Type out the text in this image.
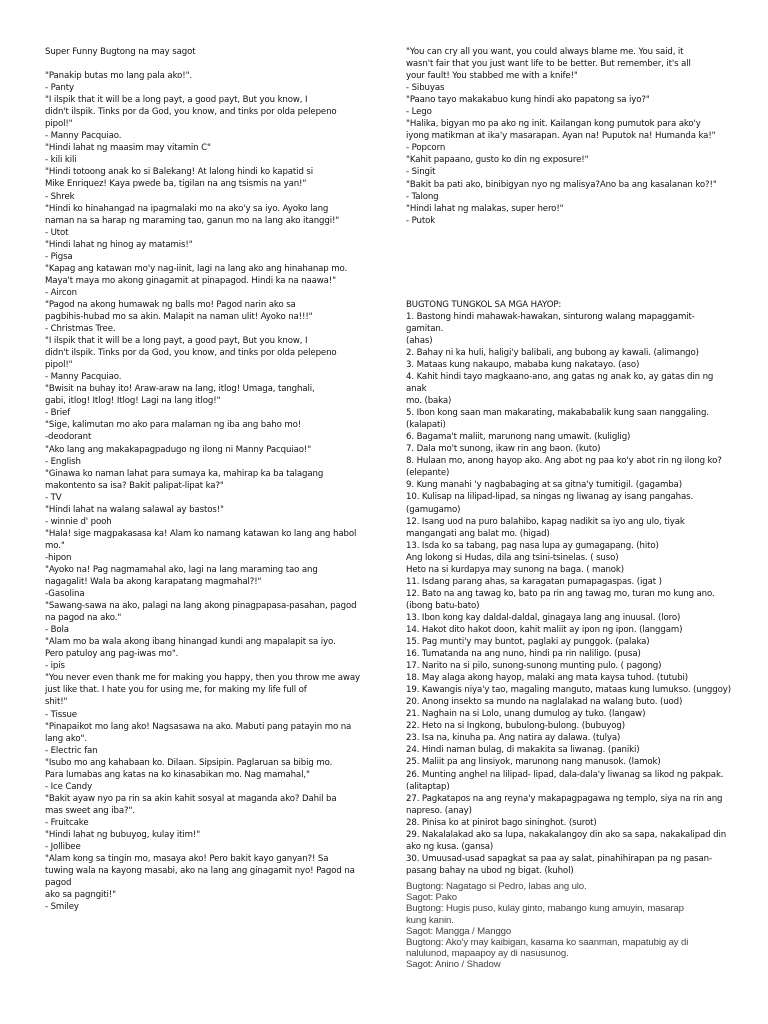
Super Funny Bugtong na may sagot
"Panakip butas mo lang pala ako!".
- Panty
"I ilspik that it will be a long payt, a good payt, But you know, I
didn't ilspik. Tinks por da God, you know, and tinks por olda pelepeno
pipol!"
- Manny Pacquiao.
"Hindi lahat ng maasim may vitamin C"
- kili kili
"Hindi totoong anak ko si Balekang! At lalong hindi ko kapatid si
Mike Enriquez! Kaya pwede ba, tigilan na ang tsismis na yan!"
- Shrek
"Hindi ko hinahangad na ipagmalaki mo na ako'y sa iyo. Ayoko lang
naman na sa harap ng maraming tao, ganun mo na lang ako itanggi!"
- Utot
"Hindi lahat ng hinog ay matamis!"
- Pigsa
"Kapag ang katawan mo'y nag-iinit, lagi na lang ako ang hinahanap mo.
Maya't maya mo akong ginagamit at pinapagod. Hindi ka na naawa!"
- Aircon
"Pagod na akong humawak ng balls mo! Pagod narin ako sa
pagbihis-hubad mo sa akin. Malapit na naman ulit! Ayoko na!!!"
- Christmas Tree.
"I ilspik that it will be a long payt, a good payt, But you know, I
didn't ilspik. Tinks por da God, you know, and tinks por olda pelepeno
pipol!"
- Manny Pacquiao.
"Bwisit na buhay ito! Araw-araw na lang, itlog! Umaga, tanghali,
gabi, itlog! Itlog! Itlog! Lagi na lang itlog!"
- Brief
"Sige, kalimutan mo ako para malaman ng iba ang baho mo!
-deodorant
"Ako lang ang makakapagpadugo ng ilong ni Manny Pacquiao!"
- English
"Ginawa ko naman lahat para sumaya ka, mahirap ka ba talagang
makontento sa isa? Bakit palipat-lipat ka?"
- TV
"Hindi lahat na walang salawal ay bastos!"
- winnie d' pooh
"Hala! sige magpakasasa ka! Alam ko namang katawan ko lang ang habol
mo."
-hipon
"Ayoko na! Pag nagmamahal ako, lagi na lang maraming tao ang
nagagalit! Wala ba akong karapatang magmahal?!"
-Gasolina
"Sawang-sawa na ako, palagi na lang akong pinagpapasa-pasahan, pagod
na pagod na ako."
- Bola
"Alam mo ba wala akong ibang hinangad kundi ang mapalapit sa iyo.
Pero patuloy ang pag-iwas mo".
- ipis
"You never even thank me for making you happy, then you throw me away
just like that. I hate you for using me, for making my life full of
shit!"
- Tissue
"Pinapaikot mo lang ako! Nagsasawa na ako. Mabuti pang patayin mo na
lang ako".
- Electric fan
"Isubo mo ang kahabaan ko. Dilaan. Sipsipin. Paglaruan sa bibig mo.
Para lumabas ang katas na ko kinasabikan mo. Nag mamahal,"
- Ice Candy
"Bakit ayaw nyo pa rin sa akin kahit sosyal at maganda ako? Dahil ba
mas sweet ang iba?".
- Fruitcake
"Hindi lahat ng bubuyog, kulay itim!"
- Jollibee
"Alam kong sa tingin mo, masaya ako! Pero bakit kayo ganyan?! Sa
tuwing wala na kayong masabi, ako na lang ang ginagamit nyo! Pagod na
pagod
ako sa pagngiti!"
- Smiley
"You can cry all you want, you could always blame me. You said, it
wasn't fair that you just want life to be better. But remember, it's all
your fault! You stabbed me with a knife!"
- Sibuyas
"Paano tayo makakabuo kung hindi ako papatong sa iyo?"
- Lego
"Halika, bigyan mo pa ako ng init. Kailangan kong pumutok para ako'y
iyong matikman at ika'y masarapan. Ayan na! Puputok na! Humanda ka!"
- Popcorn
"Kahit papaano, gusto ko din ng exposure!"
- Singit
"Bakit ba pati ako, binibigyan nyo ng malisya?Ano ba ang kasalanan ko?!"
- Talong
"Hindi lahat ng malakas, super hero!"
- Putok
BUGTONG TUNGKOL SA MGA HAYOP:
1. Bastong hindi mahawak-hawakan, sinturong walang mapaggamit-gamitan.
(ahas)
2. Bahay ni ka huli, haligi'y balibali, ang bubong ay kawali. (alimango)
3. Mataas kung nakaupo, mababa kung nakatayo. (aso)
4. Kahit hindi tayo magkaano-ano, ang gatas ng anak ko, ay gatas din ng anak
mo. (baka)
5. Ibon kong saan man makarating, makababalik kung saan nanggaling.
(kalapati)
6. Bagama't maliit, marunong nang umawit. (kuliglig)
7. Dala mo't sunong, ikaw rin ang baon. (kuto)
8. Hulaan mo, anong hayop ako. Ang abot ng paa ko'y abot rin ng ilong ko?
(elepante)
9. Kung manahi 'y nagbabaging at sa gitna'y tumitigil. (gagamba)
10. Kulisap na lilipad-lipad, sa ningas ng liwanag ay isang pangahas.
(gamugamo)
12. Isang uod na puro balahibo, kapag nadikit sa iyo ang ulo, tiyak
mangangati ang balat mo. (higad)
13. Isda ko sa tabang, pag nasa lupa ay gumagapang. (hito)
Ang lokong si Hudas, dila ang tsini-tsinelas. ( suso)
Heto na si kurdapya may sunong na baga. ( manok)
11. Isdang parang ahas, sa karagatan pumapagaspas. (igat )
12. Bato na ang tawag ko, bato pa rin ang tawag mo, turan mo kung ano.
(ibong batu-bato)
13. Ibon kong kay daldal-daldal, ginagaya lang ang inuusal. (loro)
14. Hakot dito hakot doon, kahit maliit ay ipon ng ipon. (langgam)
15. Pag munti'y may buntot, paglaki ay punggok. (palaka)
16. Tumatanda na ang nuno, hindi pa rin naliligo. (pusa)
17. Narito na si pilo, sunong-sunong munting pulo. ( pagong)
18. May alaga akong hayop, malaki ang mata kaysa tuhod. (tutubi)
19. Kawangis niya'y tao, magaling manguto, mataas kung lumukso. (unggoy)
20. Anong insekto sa mundo na naglalakad na walang buto. (uod)
21. Naghain na si Lolo, unang dumulog ay tuko. (langaw)
22. Heto na si Ingkong, bubulong-bulong. (bubuyog)
23. Isa na, kinuha pa. Ang natira ay dalawa. (tulya)
24. Hindi naman bulag, di makakita sa liwanag. (paniki)
25. Maliit pa ang linsiyok, marunong nang manusok. (lamok)
26. Munting anghel na lilipad- lipad, dala-dala'y liwanag sa likod ng pakpak.
(alitaptap)
27. Pagkatapos na ang reyna'y makapagpagawa ng templo, siya na rin ang
napreso. (anay)
28. Pinisa ko at pinirot bago sininghot. (surot)
29. Nakalalakad ako sa lupa, nakakalangoy din ako sa sapa, nakakalipad din
ako ng kusa. (gansa)
30. Umuusad-usad sapagkat sa paa ay salat, pinahihirapan pa ng pasan-
pasang bahay na ubod ng bigat. (kuhol)
Bugtong: Nagatago si Pedro, labas ang ulo.
Sagot: Pako
Bugtong: Hugis puso, kulay ginto, mabango kung amuyin, masarap
kung kanin.
Sagot: Mangga / Manggo
Bugtong: Ako'y may kaibigan, kasama ko saanman, mapatubig ay di
nalulunod, mapaapoy ay di nasusunog.
Sagot: Anino / Shadow
